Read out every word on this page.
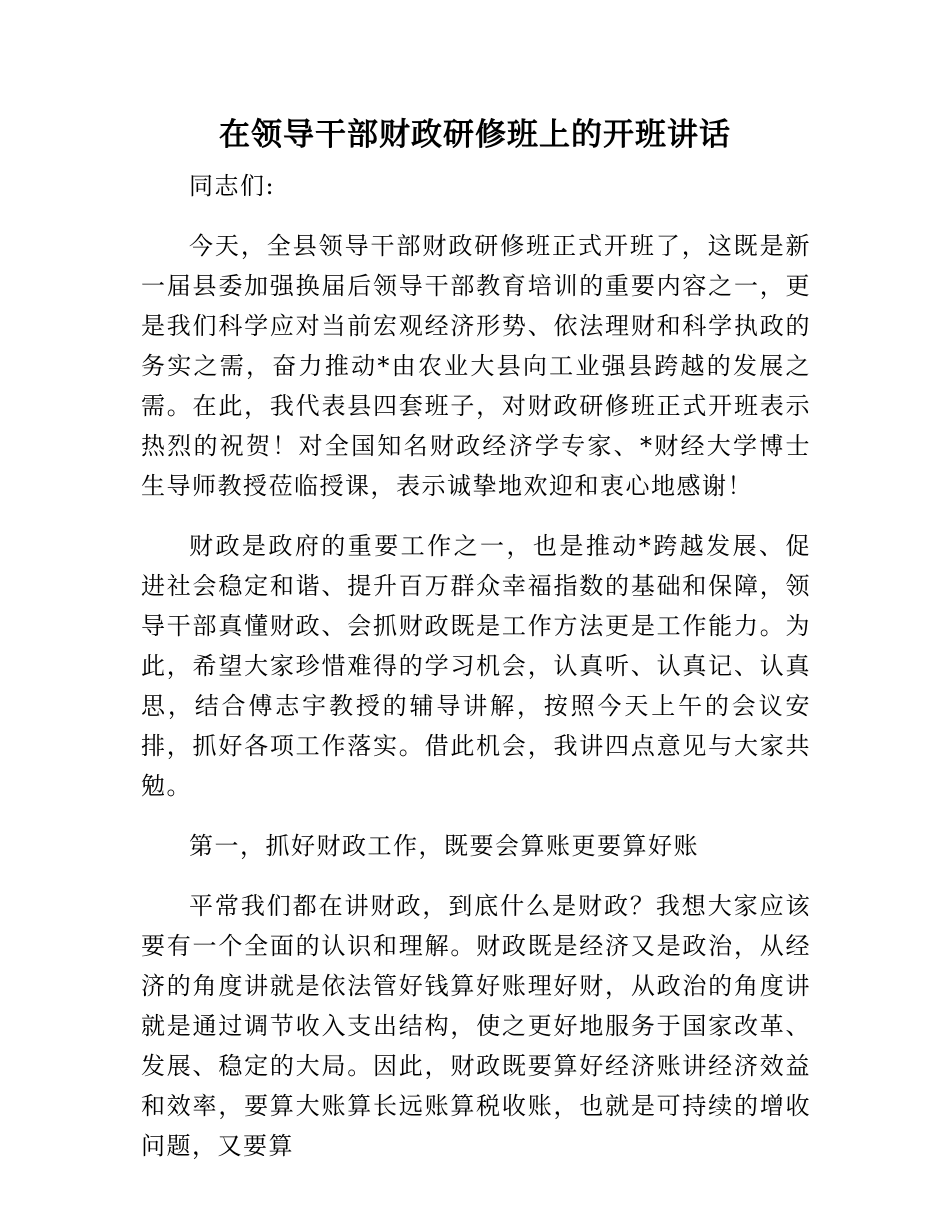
在领导干部财政研修班上的开班讲话

同志们:

今天，全县领导干部财政研修班正式开班了，这既是新一届县委加强换届后领导干部教育培训的重要内容之一，更是我们科学应对当前宏观经济形势、依法理财和科学执政的务实之需，奋力推动*由农业大县向工业强县跨越的发展之需。在此，我代表县四套班子，对财政研修班正式开班表示热烈的祝贺！对全国知名财政经济学专家、*财经大学博士生导师教授莅临授课，表示诚挚地欢迎和衷心地感谢！

财政是政府的重要工作之一，也是推动*跨越发展、促进社会稳定和谐、提升百万群众幸福指数的基础和保障，领导干部真懂财政、会抓财政既是工作方法更是工作能力。为此，希望大家珍惜难得的学习机会，认真听、认真记、认真思，结合傅志宇教授的辅导讲解，按照今天上午的会议安排，抓好各项工作落实。借此机会，我讲四点意见与大家共勉。

第一，抓好财政工作，既要会算账更要算好账

平常我们都在讲财政，到底什么是财政？我想大家应该要有一个全面的认识和理解。财政既是经济又是政治，从经济的角度讲就是依法管好钱算好账理好财，从政治的角度讲就是通过调节收入支出结构，使之更好地服务于国家改革、发展、稳定的大局。因此，财政既要算好经济账讲经济效益和效率，要算大账算长远账算税收账，也就是可持续的增收问题，又要算
